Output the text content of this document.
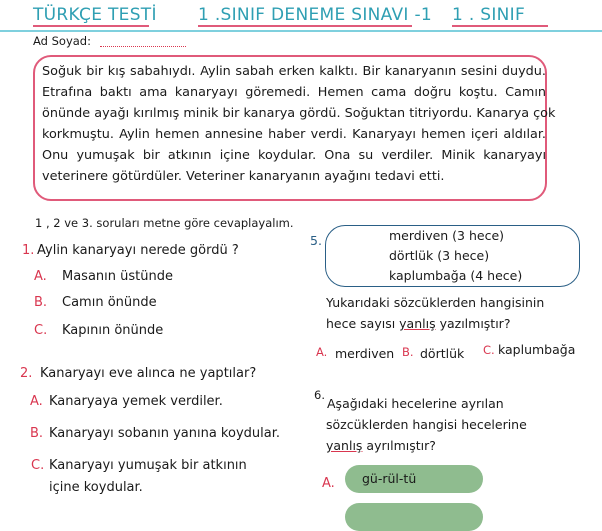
TÜRKÇE TESTİ 1 .SINIF DENEME SINAVI -1 1 . SINIF
Ad Soyad:
Soğuk bir kış sabahıydı. Aylin sabah erken kalktı. Bir kanaryanın sesini duydu.
Etrafına baktı ama kanaryayı göremedi. Hemen cama doğru koştu. Camın
önünde ayağı kırılmış minik bir kanarya gördü. Soğuktan titriyordu. Kanarya çok
korkmuştu. Aylin hemen annesine haber verdi. Kanaryayı hemen içeri aldılar.
Onu yumuşak bir atkının içine koydular. Ona su verdiler. Minik kanaryayı
veterinere götürdüler. Veteriner kanaryanın ayağını tedavi etti.
1 , 2 ve 3. soruları metne göre cevaplayalım.
1. Aylin kanaryayı nerede gördü ?
A. Masanın üstünde
B. Camın önünde
C. Kapının önünde
2. Kanaryayı eve alınca ne yaptılar?
A. Kanaryaya yemek verdiler.
B. Kanaryayı sobanın yanına koydular.
C. Kanaryayı yumuşak bir atkının
içine koydular.
5.	merdiven (3 hece)
dörtlük (3 hece)
kaplumbağa (4 hece)
Yukarıdaki sözcüklerden hangisinin
hece sayısı yanlış yazılmıştır?
A. merdiven B. dörtlük C. kaplumbağa
6.
Aşağıdaki hecelerine ayrılan
sözcüklerden hangisi hecelerine
yanlış ayrılmıştır?
A. gü-rül-tü
